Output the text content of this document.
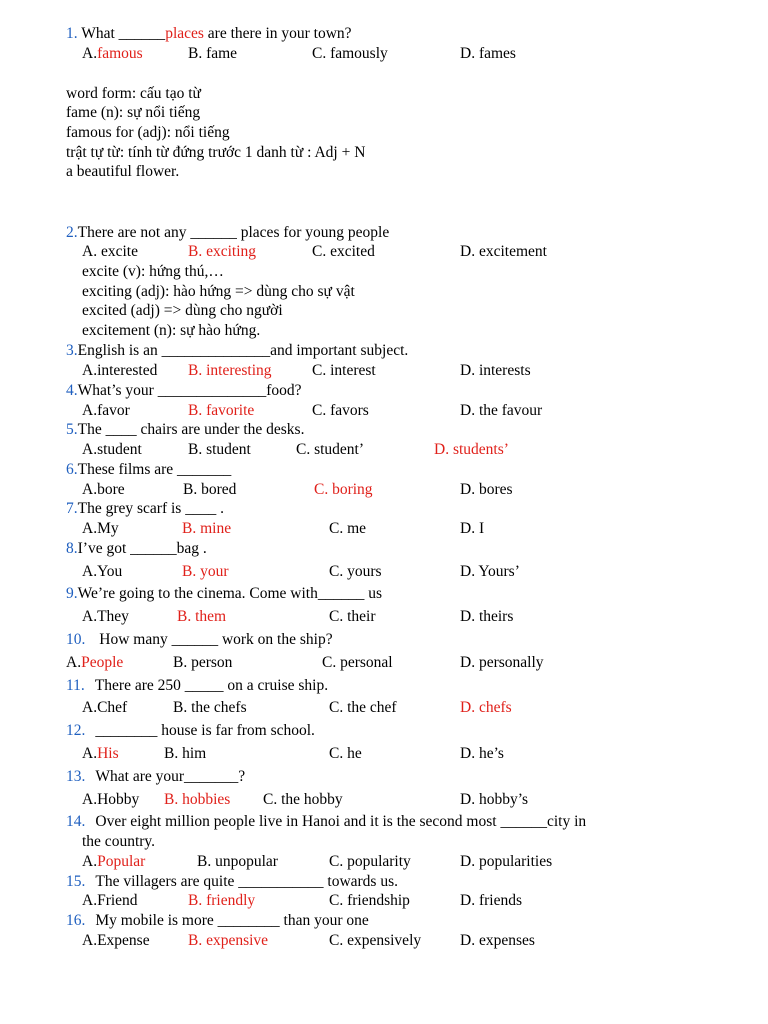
1. What ______places are there in your town?
A.famous	B. fame	C. famously	D. fames
word form: cấu tạo từ
fame (n): sự nổi tiếng
famous for (adj): nổi tiếng
trật tự từ: tính từ đứng trước 1 danh từ : Adj + N
a beautiful flower.
2.There are not any ______ places for young people
A. excite	B. exciting	C. excited	D. excitement
excite (v): hứng thú,…
exciting (adj): hào hứng => dùng cho sự vật
excited (adj) => dùng cho người
excitement (n): sự hào hứng.
3.English is an ______________and important subject.
A.interested B. interesting	C. interest	D. interests
4.What’s your ______________food?
A.favor	B. favorite	C. favors	D. the favour
5.The ____ chairs are under the desks.
A.student	B. student	C. student’	D. students’
6.These films are _______
A.bore	B. bored	C. boring	D. bores
7.The grey scarf is ____ .
A.My	B. mine	C. me	D. I
8.I’ve got ______bag .
A.You	B. your	C. yours	D. Yours’
9.We’re going to the cinema. Come with______ us
A.They	B. them	C. their	D. theirs
10. How many ______ work on the ship?
A.People	B. person	C. personal	D. personally
11. There are 250 _____ on a cruise ship.
A.Chef	B. the chefs	C. the chef	D. chefs
12. ________ house is far from school.
A.His	B. him	C. he	D. he’s
13. What are your_______?
A.Hobby B. hobbies C. the hobby	D. hobby’s
14. Over eight million people live in Hanoi and it is the second most ______city in
the country.
A.Popular	B. unpopular	C. popularity	D. popularities
15. The villagers are quite ___________ towards us.
A.Friend	B. friendly	C. friendship	D. friends
16. My mobile is more ________ than your one
A.Expense B. expensive	C. expensively	D. expenses
